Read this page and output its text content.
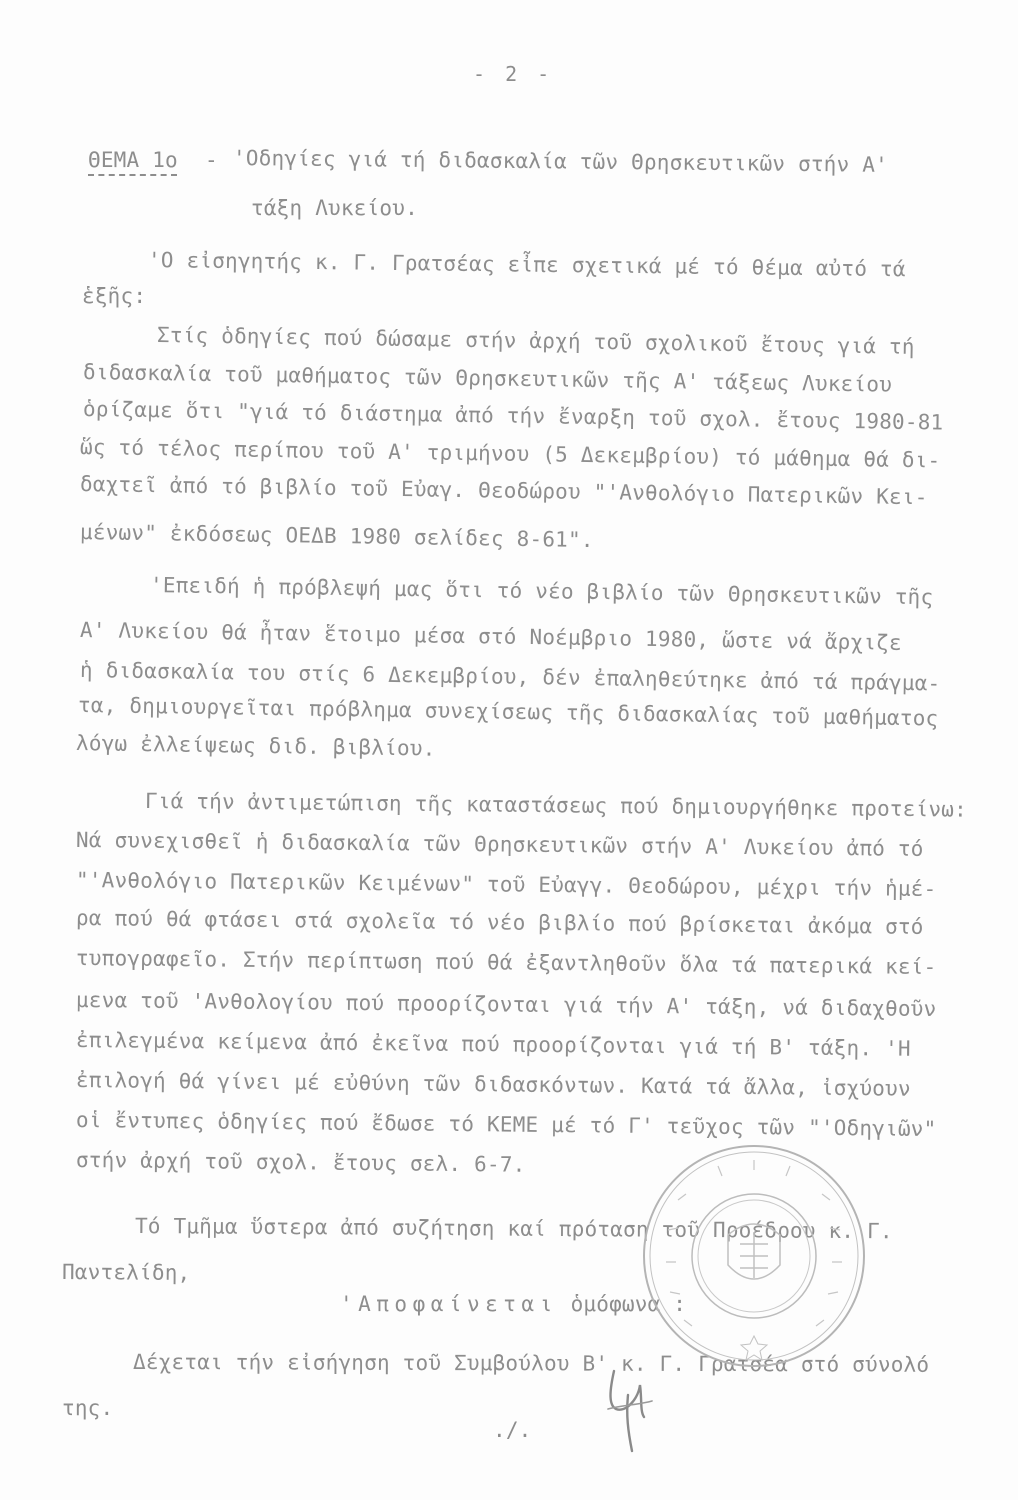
- 2 -
ΘΕΜΑ 1ο - 'Οδηγίες γιά τή διδασκαλία τῶν Θρησκευτικῶν στήν Α'
τάξη Λυκείου.
'Ο εἰσηγητής κ. Γ. Γρατσέας εἶπε σχετικά μέ τό θέμα αὐτό τά
ἑξῆς:
Στίς ὁδηγίες πού δώσαμε στήν ἀρχή τοῦ σχολικοῦ ἔτους γιά τή
διδασκαλία τοῦ μαθήματος τῶν Θρησκευτικῶν τῆς Α' τάξεως Λυκείου
ὁρίζαμε ὅτι "γιά τό διάστημα ἀπό τήν ἔναρξη τοῦ σχολ. ἔτους 1980-81
ὥς τό τέλος περίπου τοῦ Α' τριμήνου (5 Δεκεμβρίου) τό μάθημα θά δι-
δαχτεῖ ἀπό τό βιβλίο τοῦ Εὐαγ. Θεοδώρου "'Ανθολόγιο Πατερικῶν Κει-
μένων" ἐκδόσεως ΟΕΔΒ 1980 σελίδες 8-61".
'Επειδή ἡ πρόβλεψή μας ὅτι τό νέο βιβλίο τῶν Θρησκευτικῶν τῆς
Α' Λυκείου θά ἦταν ἕτοιμο μέσα στό Νοέμβριο 1980, ὥστε νά ἄρχιζε
ἡ διδασκαλία του στίς 6 Δεκεμβρίου, δέν ἐπαληθεύτηκε ἀπό τά πράγμα-
τα, δημιουργεῖται πρόβλημα συνεχίσεως τῆς διδασκαλίας τοῦ μαθήματος
λόγω ἐλλείψεως διδ. βιβλίου.
Γιά τήν ἀντιμετώπιση τῆς καταστάσεως πού δημιουργήθηκε προτείνω:
Νά συνεχισθεῖ ἡ διδασκαλία τῶν Θρησκευτικῶν στήν Α' Λυκείου ἀπό τό
"'Ανθολόγιο Πατερικῶν Κειμένων" τοῦ Εὐαγγ. Θεοδώρου, μέχρι τήν ἡμέ-
ρα πού θά φτάσει στά σχολεῖα τό νέο βιβλίο πού βρίσκεται ἀκόμα στό
τυπογραφεῖο. Στήν περίπτωση πού θά ἐξαντληθοῦν ὅλα τά πατερικά κεί-
μενα τοῦ 'Ανθολογίου πού προορίζονται γιά τήν Α' τάξη, νά διδαχθοῦν
ἐπιλεγμένα κείμενα ἀπό ἐκεῖνα πού προορίζονται γιά τή Β' τάξη. 'Η
ἐπιλογή θά γίνει μέ εὐθύνη τῶν διδασκόντων. Κατά τά ἄλλα, ἰσχύουν
οἱ ἔντυπες ὁδηγίες πού ἔδωσε τό ΚΕΜΕ μέ τό Γ' τεῦχος τῶν "'Οδηγιῶν"
στήν ἀρχή τοῦ σχολ. ἔτους σελ. 6-7.
Τό Τμῆμα ὕστερα ἀπό συζήτηση καί πρόταση τοῦ Προέδρου κ. Γ.
Παντελίδη,
'Αποφαίνεται ὁμόφωνα :
Δέχεται τήν εἰσήγηση τοῦ Συμβούλου Β' κ. Γ. Γρατσέα στό σύνολό
της.
./.
